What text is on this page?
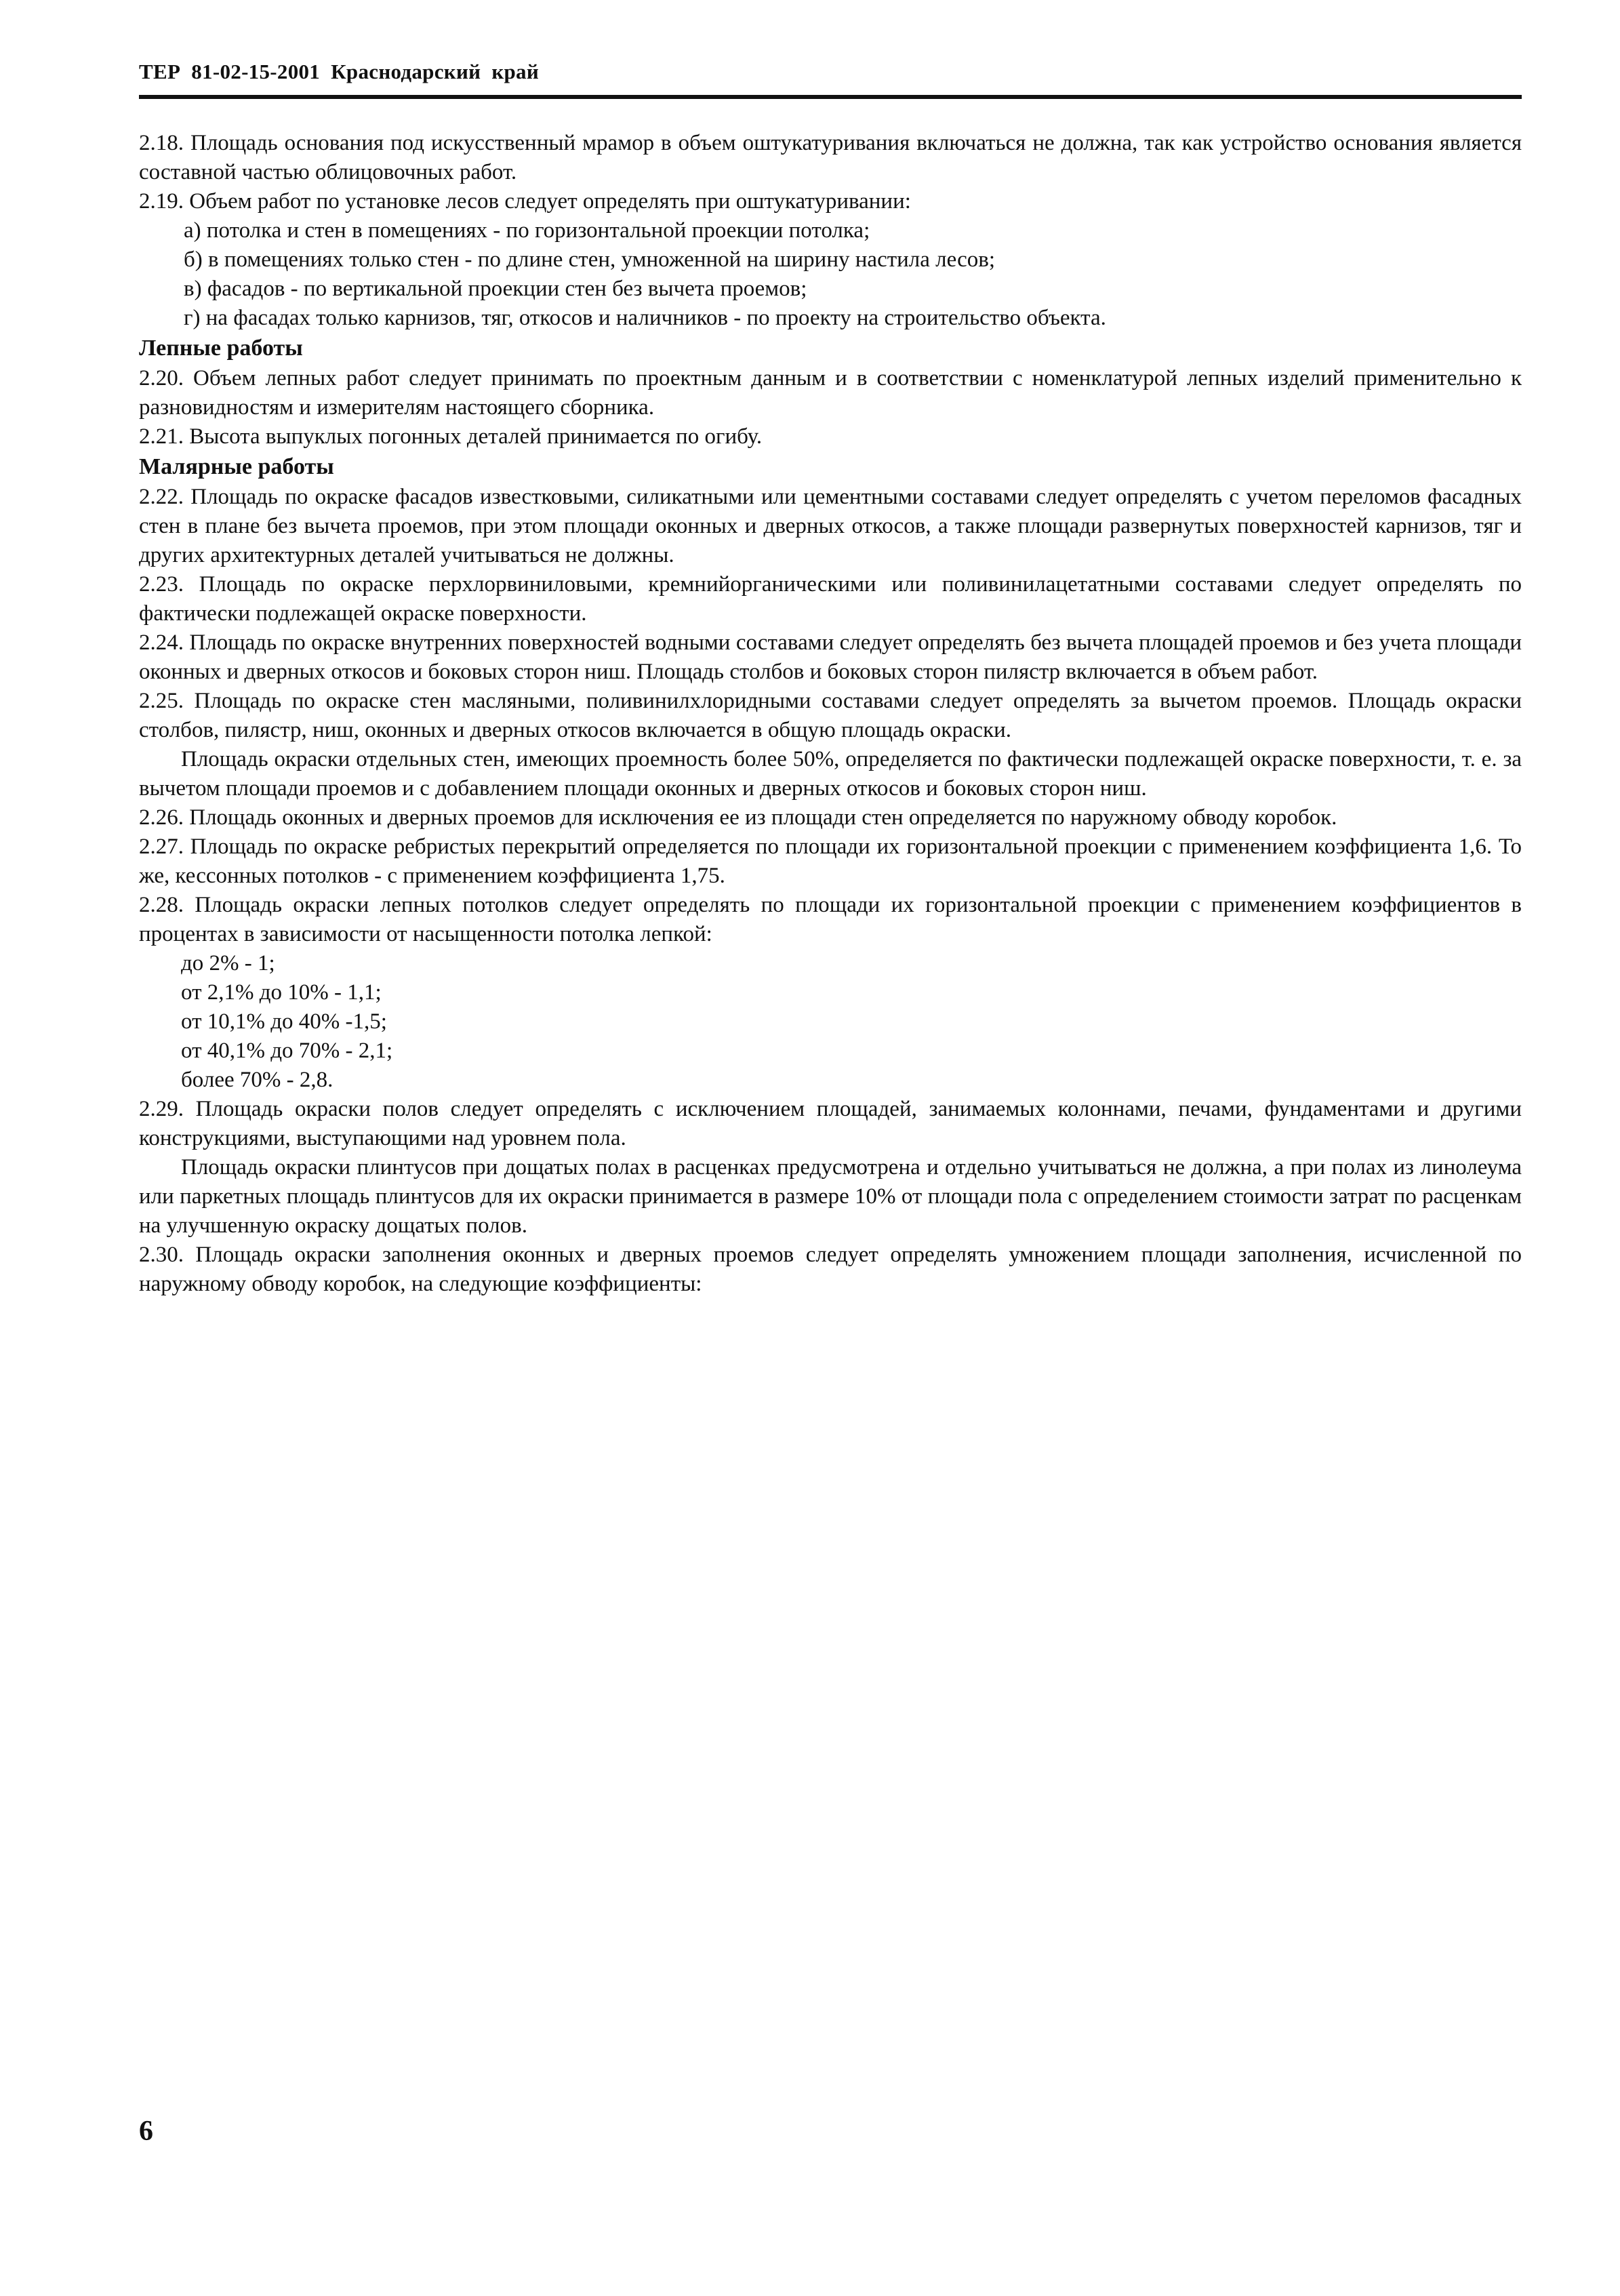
ТЕР 81-02-15-2001 Краснодарский край

2.18. Площадь основания под искусственный мрамор в объем оштукатуривания включаться не должна, так как устройство основания является составной частью облицовочных работ.

2.19. Объем работ по установке лесов следует определять при оштукатуривании:

а) потолка и стен в помещениях - по горизонтальной проекции потолка;

б) в помещениях только стен - по длине стен, умноженной на ширину настила лесов;

в) фасадов - по вертикальной проекции стен без вычета проемов;

г) на фасадах только карнизов, тяг, откосов и наличников - по проекту на строительство объекта.

Лепные работы

2.20. Объем лепных работ следует принимать по проектным данным и в соответствии с номенклатурой лепных изделий применительно к разновидностям и измерителям настоящего сборника.

2.21. Высота выпуклых погонных деталей принимается по огибу.

Малярные работы

2.22. Площадь по окраске фасадов известковыми, силикатными или цементными составами следует определять с учетом переломов фасадных стен в плане без вычета проемов, при этом площади оконных и дверных откосов, а также площади развернутых поверхностей карнизов, тяг и других архитектурных деталей учитываться не должны.

2.23. Площадь по окраске перхлорвиниловыми, кремнийорганическими или поливинилацетатными составами следует определять по фактически подлежащей окраске поверхности.

2.24. Площадь по окраске внутренних поверхностей водными составами следует определять без вычета площадей проемов и без учета площади оконных и дверных откосов и боковых сторон ниш. Площадь столбов и боковых сторон пилястр включается в объем работ.

2.25. Площадь по окраске стен масляными, поливинилхлоридными составами следует определять за вычетом проемов. Площадь окраски столбов, пилястр, ниш, оконных и дверных откосов включается в общую площадь окраски.

Площадь окраски отдельных стен, имеющих проемность более 50%, определяется по фактически подлежащей окраске поверхности, т. е. за вычетом площади проемов и с добавлением площади оконных и дверных откосов и боковых сторон ниш.

2.26. Площадь оконных и дверных проемов для исключения ее из площади стен определяется по наружному обводу коробок.

2.27. Площадь по окраске ребристых перекрытий определяется по площади их горизонтальной проекции с применением коэффициента 1,6. То же, кессонных потолков - с применением коэффициента 1,75.

2.28. Площадь окраски лепных потолков следует определять по площади их горизонтальной проекции с применением коэффициентов в процентах в зависимости от насыщенности потолка лепкой:

до 2% - 1;

от 2,1% до 10% - 1,1;

от 10,1% до 40% -1,5;

от 40,1% до 70% - 2,1;

более 70% - 2,8.

2.29. Площадь окраски полов следует определять с исключением площадей, занимаемых колоннами, печами, фундаментами и другими конструкциями, выступающими над уровнем пола.

Площадь окраски плинтусов при дощатых полах в расценках предусмотрена и отдельно учитываться не должна, а при полах из линолеума или паркетных площадь плинтусов для их окраски принимается в размере 10% от площади пола с определением стоимости затрат по расценкам на улучшенную окраску дощатых полов.

2.30. Площадь окраски заполнения оконных и дверных проемов следует определять умножением площади заполнения, исчисленной по наружному обводу коробок, на следующие коэффициенты:

6
